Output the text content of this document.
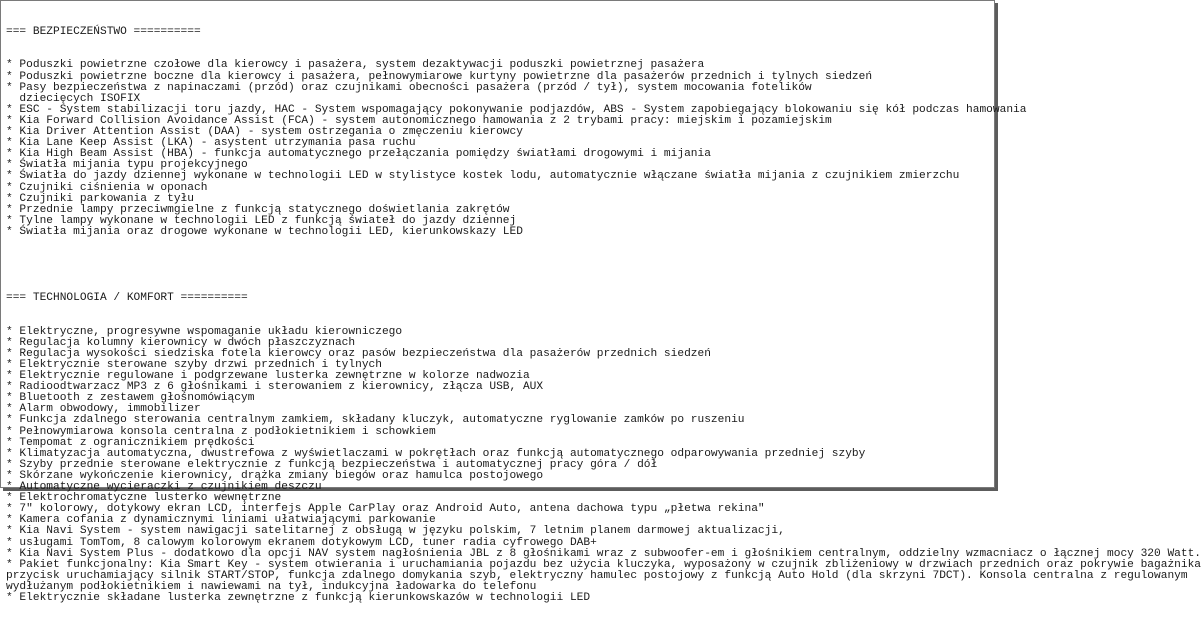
=== BEZPIECZEŃSTWO ==========

* Poduszki powietrzne czołowe dla kierowcy i pasażera, system dezaktywacji poduszki powietrznej pasażera
* Poduszki powietrzne boczne dla kierowcy i pasażera, pełnowymiarowe kurtyny powietrzne dla pasażerów przednich i tylnych siedzeń
* Pasy bezpieczeństwa z napinaczami (przód) oraz czujnikami obecności pasażera (przód / tył), system mocowania fotelików
dziecięcych ISOFIX
* ESC - System stabilizacji toru jazdy, HAC - System wspomagający pokonywanie podjazdów, ABS - System zapobiegający blokowaniu się kół podczas hamowania
* Kia Forward Collision Avoidance Assist (FCA) - system autonomicznego hamowania z 2 trybami pracy: miejskim i pozamiejskim
* Kia Driver Attention Assist (DAA) - system ostrzegania o zmęczeniu kierowcy
* Kia Lane Keep Assist (LKA) - asystent utrzymania pasa ruchu
* Kia High Beam Assist (HBA) - funkcja automatycznego przełączania pomiędzy światłami drogowymi i mijania
* Światła mijania typu projekcyjnego
* Światła do jazdy dziennej wykonane w technologii LED w stylistyce kostek lodu, automatycznie włączane światła mijania z czujnikiem zmierzchu
* Czujniki ciśnienia w oponach
* Czujniki parkowania z tyłu
* Przednie lampy przeciwmgielne z funkcją statycznego doświetlania zakrętów
* Tylne lampy wykonane w technologii LED z funkcją świateł do jazdy dziennej
* Światła mijania oraz drogowe wykonane w technologii LED, kierunkowskazy LED

=== TECHNOLOGIA / KOMFORT ==========

* Elektryczne, progresywne wspomaganie układu kierowniczego
* Regulacja kolumny kierownicy w dwóch płaszczyznach
* Regulacja wysokości siedziska fotela kierowcy oraz pasów bezpieczeństwa dla pasażerów przednich siedzeń
* Elektrycznie sterowane szyby drzwi przednich i tylnych
* Elektrycznie regulowane i podgrzewane lusterka zewnętrzne w kolorze nadwozia
* Radioodtwarzacz MP3 z 6 głośnikami i sterowaniem z kierownicy, złącza USB, AUX
* Bluetooth z zestawem głośnomówiącym
* Alarm obwodowy, immobilizer
* Funkcja zdalnego sterowania centralnym zamkiem, składany kluczyk, automatyczne ryglowanie zamków po ruszeniu
* Pełnowymiarowa konsola centralna z podłokietnikiem i schowkiem
* Tempomat z ogranicznikiem prędkości
* Klimatyzacja automatyczna, dwustrefowa z wyświetlaczami w pokrętłach oraz funkcją automatycznego odparowywania przedniej szyby
* Szyby przednie sterowane elektrycznie z funkcją bezpieczeństwa i automatycznej pracy góra / dół
* Skórzane wykończenie kierownicy, drążka zmiany biegów oraz hamulca postojowego
* Automatyczne wycieraczki z czujnikiem deszczu
* Elektrochromatyczne lusterko wewnętrzne
* 7" kolorowy, dotykowy ekran LCD, interfejs Apple CarPlay oraz Android Auto, antena dachowa typu „płetwa rekina"
* Kamera cofania z dynamicznymi liniami ułatwiającymi parkowanie
* Kia Navi System - system nawigacji satelitarnej z obsługą w języku polskim, 7 letnim planem darmowej aktualizacji,
* usługami TomTom, 8 calowym kolorowym ekranem dotykowym LCD, tuner radia cyfrowego DAB+
* Kia Navi System Plus - dodatkowo dla opcji NAV system nagłośnienia JBL z 8 głośnikami wraz z subwoofer-em i głośnikiem centralnym, oddzielny wzmacniacz o łącznej mocy 320 Watt.
* Pakiet funkcjonalny: Kia Smart Key - system otwierania i uruchamiania pojazdu bez użycia kluczyka, wyposażony w czujnik zbliżeniowy w drzwiach przednich oraz pokrywie bagażnika
przycisk uruchamiający silnik START/STOP, funkcja zdalnego domykania szyb, elektryczny hamulec postojowy z funkcją Auto Hold (dla skrzyni 7DCT). Konsola centralna z regulowanym
wydłużanym podłokietnikiem i nawiewami na tył, indukcyjna ładowarka do telefonu
* Elektrycznie składane lusterka zewnętrzne z funkcją kierunkowskazów w technologii LED
